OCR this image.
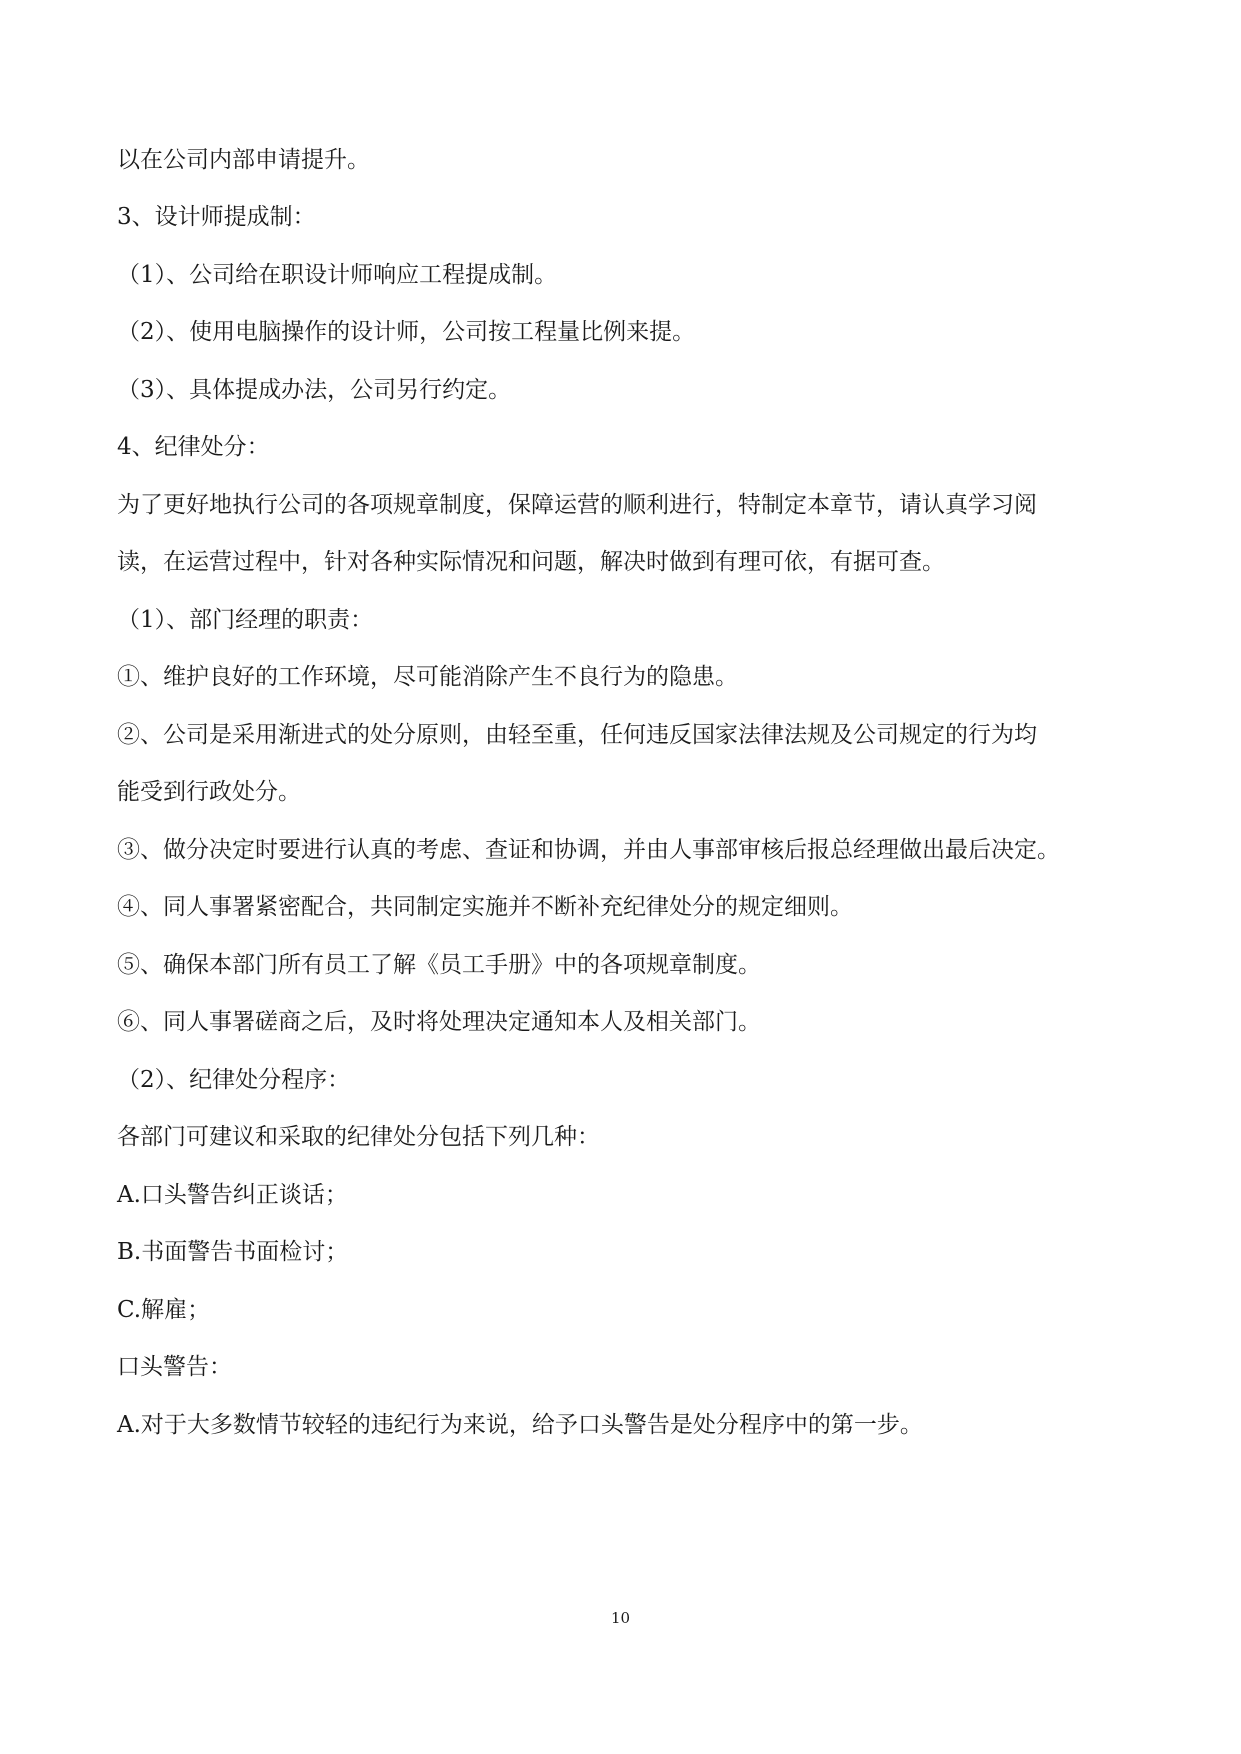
以在公司内部申请提升。
3、设计师提成制：
（1）、公司给在职设计师响应工程提成制。
（2）、使用电脑操作的设计师，公司按工程量比例来提。
（3）、具体提成办法，公司另行约定。
4、纪律处分：
为了更好地执行公司的各项规章制度，保障运营的顺利进行，特制定本章节，请认真学习阅
读，在运营过程中，针对各种实际情况和问题，解决时做到有理可依，有据可查。
（1）、部门经理的职责：
①、维护良好的工作环境，尽可能消除产生不良行为的隐患。
②、公司是采用渐进式的处分原则，由轻至重，任何违反国家法律法规及公司规定的行为均
能受到行政处分。
③、做分决定时要进行认真的考虑、查证和协调，并由人事部审核后报总经理做出最后决定。
④、同人事署紧密配合，共同制定实施并不断补充纪律处分的规定细则。
⑤、确保本部门所有员工了解《员工手册》中的各项规章制度。
⑥、同人事署磋商之后，及时将处理决定通知本人及相关部门。
（2）、纪律处分程序：
各部门可建议和采取的纪律处分包括下列几种：
A.口头警告纠正谈话；
B.书面警告书面检讨；
C.解雇；
口头警告：
A.对于大多数情节较轻的违纪行为来说，给予口头警告是处分程序中的第一步。
10
